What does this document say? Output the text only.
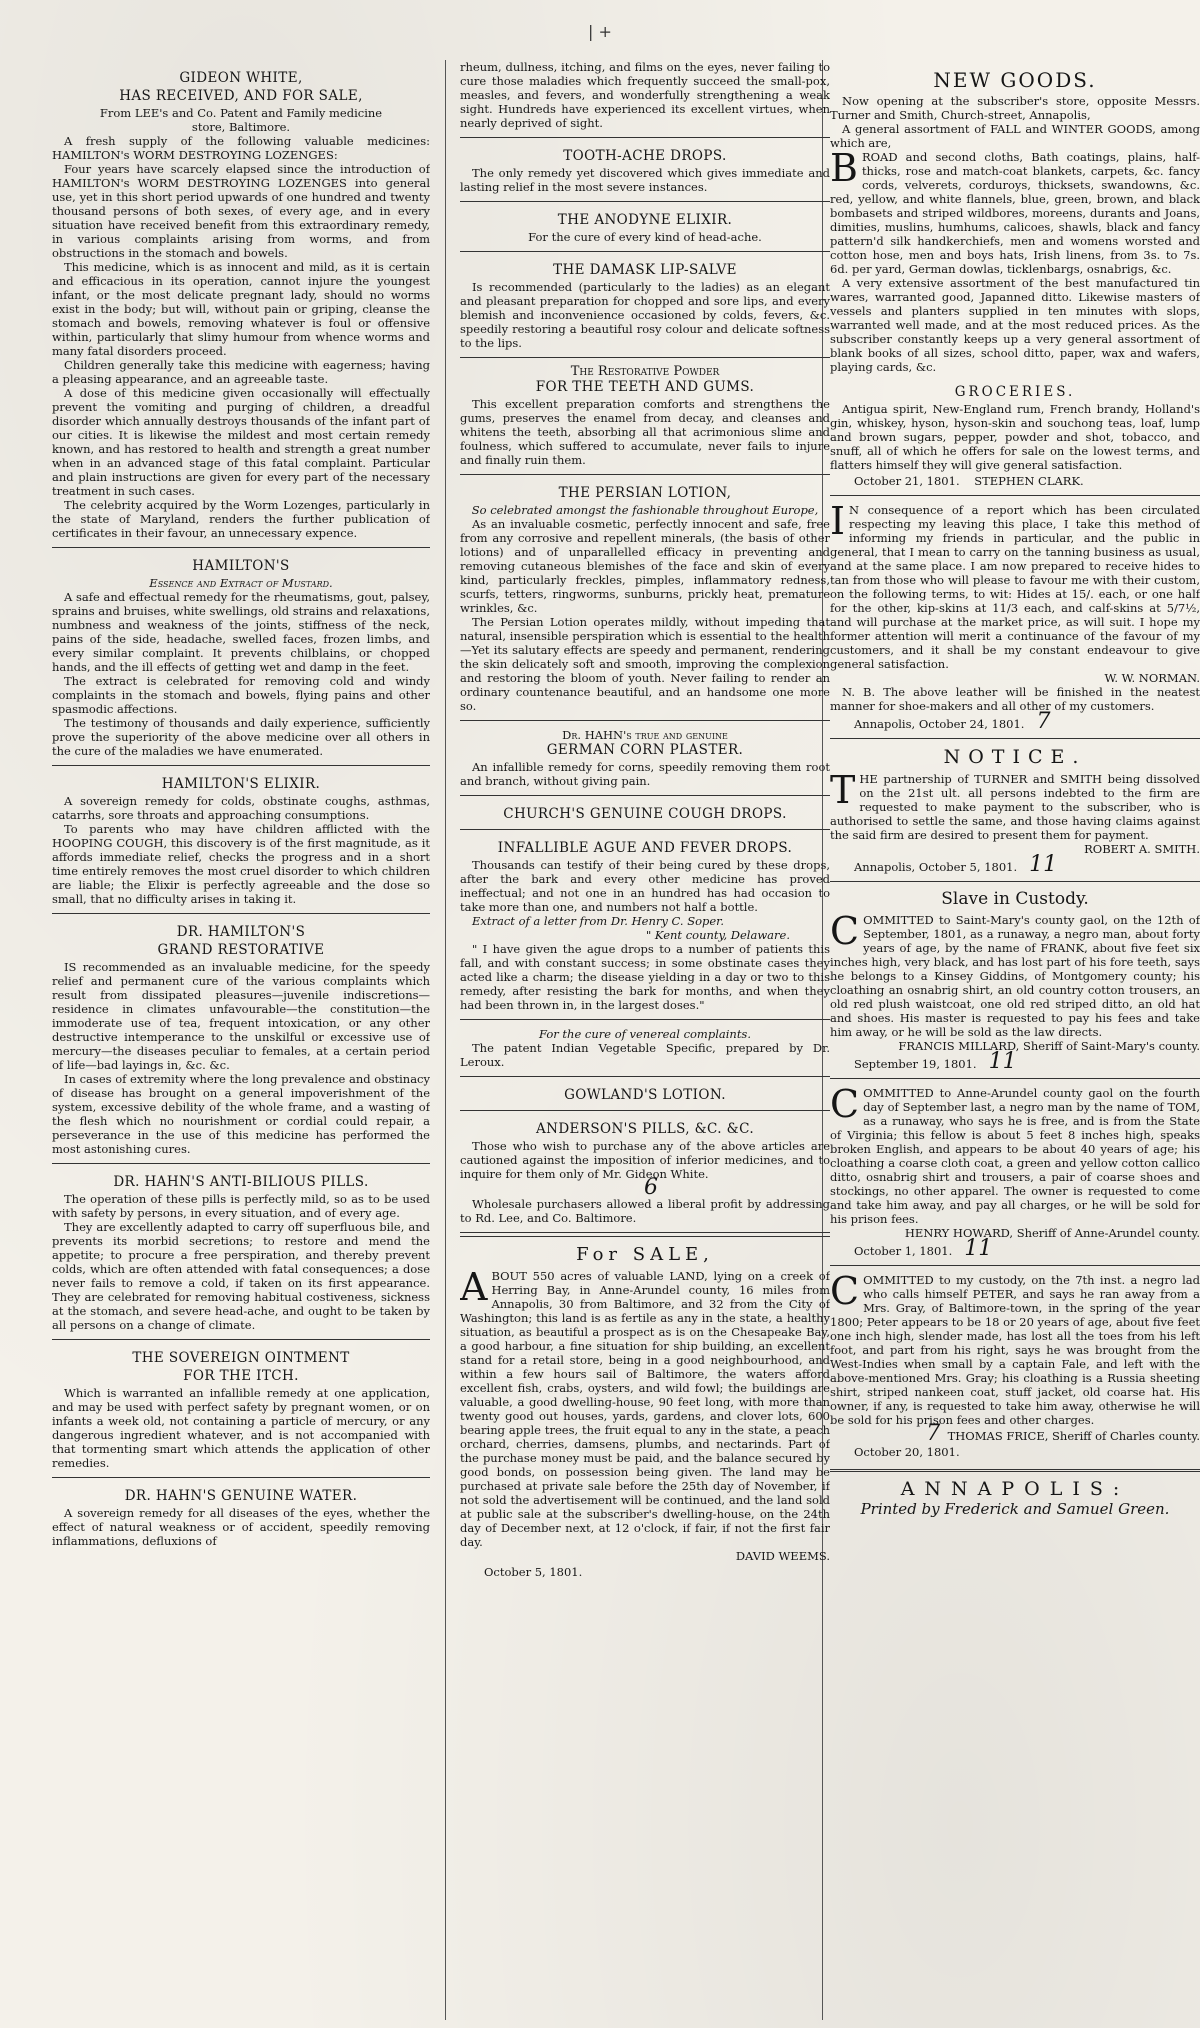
| +
GIDEON WHITE,
HAS RECEIVED, AND FOR SALE,
From LEE's and Co. Patent and Family medicine
store, Baltimore.

A fresh supply of the following valuable medicines: HAMILTON's WORM DESTROYING LOZENGES:

Four years have scarcely elapsed since the introduction of HAMILTON's WORM DESTROYING LOZENGES into general use, yet in this short period upwards of one hundred and twenty thousand persons of both sexes, of every age, and in every situation have received benefit from this extraordinary remedy, in various complaints arising from worms, and from obstructions in the stomach and bowels.

This medicine, which is as innocent and mild, as it is certain and efficacious in its operation, cannot injure the youngest infant, or the most delicate pregnant lady, should no worms exist in the body; but will, without pain or griping, cleanse the stomach and bowels, removing whatever is foul or offensive within, particularly that slimy humour from whence worms and many fatal disorders proceed.

Children generally take this medicine with eagerness; having a pleasing appearance, and an agreeable taste.

A dose of this medicine given occasionally will effectually prevent the vomiting and purging of children, a dreadful disorder which annually destroys thousands of the infant part of our cities. It is likewise the mildest and most certain remedy known, and has restored to health and strength a great number when in an advanced stage of this fatal complaint. Particular and plain instructions are given for every part of the necessary treatment in such cases.

The celebrity acquired by the Worm Lozenges, particularly in the state of Maryland, renders the further publication of certificates in their favour, an unnecessary expence.

HAMILTON'S
Essence and Extract of Mustard.

A safe and effectual remedy for the rheumatisms, gout, palsey, sprains and bruises, white swellings, old strains and relaxations, numbness and weakness of the joints, stiffness of the neck, pains of the side, headache, swelled faces, frozen limbs, and every similar complaint. It prevents chilblains, or chopped hands, and the ill effects of getting wet and damp in the feet.

The extract is celebrated for removing cold and windy complaints in the stomach and bowels, flying pains and other spasmodic affections.

The testimony of thousands and daily experience, sufficiently prove the superiority of the above medicine over all others in the cure of the maladies we have enumerated.

HAMILTON'S ELIXIR.

A sovereign remedy for colds, obstinate coughs, asthmas, catarrhs, sore throats and approaching consumptions.

To parents who may have children afflicted with the HOOPING COUGH, this discovery is of the first magnitude, as it affords immediate relief, checks the progress and in a short time entirely removes the most cruel disorder to which children are liable; the Elixir is perfectly agreeable and the dose so small, that no difficulty arises in taking it.

DR. HAMILTON'S
GRAND RESTORATIVE

IS recommended as an invaluable medicine, for the speedy relief and permanent cure of the various complaints which result from dissipated pleasures—juvenile indiscretions—residence in climates unfavourable—the constitution—the immoderate use of tea, frequent intoxication, or any other destructive intemperance to the unskilful or excessive use of mercury—the diseases peculiar to females, at a certain period of life—bad layings in, &c. &c.

In cases of extremity where the long prevalence and obstinacy of disease has brought on a general impoverishment of the system, excessive debility of the whole frame, and a wasting of the flesh which no nourishment or cordial could repair, a perseverance in the use of this medicine has performed the most astonishing cures.

DR. HAHN'S ANTI-BILIOUS PILLS.

The operation of these pills is perfectly mild, so as to be used with safety by persons, in every situation, and of every age.

They are excellently adapted to carry off superfluous bile, and prevents its morbid secretions; to restore and mend the appetite; to procure a free perspiration, and thereby prevent colds, which are often attended with fatal consequences; a dose never fails to remove a cold, if taken on its first appearance. They are celebrated for removing habitual costiveness, sickness at the stomach, and severe head-ache, and ought to be taken by all persons on a change of climate.

THE SOVEREIGN OINTMENT
FOR THE ITCH.

Which is warranted an infallible remedy at one application, and may be used with perfect safety by pregnant women, or on infants a week old, not containing a particle of mercury, or any dangerous ingredient whatever, and is not accompanied with that tormenting smart which attends the application of other remedies.

DR. HAHN'S GENUINE WATER.

A sovereign remedy for all diseases of the eyes, whether the effect of natural weakness or of accident, speedily removing inflammations, defluxions of

rheum, dullness, itching, and films on the eyes, never failing to cure those maladies which frequently succeed the small-pox, measles, and fevers, and wonderfully strengthening a weak sight. Hundreds have experienced its excellent virtues, when nearly deprived of sight.

TOOTH-ACHE DROPS.

The only remedy yet discovered which gives immediate and lasting relief in the most severe instances.

THE ANODYNE ELIXIR.
For the cure of every kind of head-ache.
THE DAMASK LIP-SALVE

Is recommended (particularly to the ladies) as an elegant and pleasant preparation for chopped and sore lips, and every blemish and inconvenience occasioned by colds, fevers, &c. speedily restoring a beautiful rosy colour and delicate softness to the lips.

The Restorative Powder
FOR THE TEETH AND GUMS.

This excellent preparation comforts and strengthens the gums, preserves the enamel from decay, and cleanses and whitens the teeth, absorbing all that acrimonious slime and foulness, which suffered to accumulate, never fails to injure and finally ruin them.

THE PERSIAN LOTION,
So celebrated amongst the fashionable throughout Europe,

As an invaluable cosmetic, perfectly innocent and safe, free from any corrosive and repellent minerals, (the basis of other lotions) and of unparallelled efficacy in preventing and removing cutaneous blemishes of the face and skin of every kind, particularly freckles, pimples, inflammatory redness, scurfs, tetters, ringworms, sunburns, prickly heat, premature wrinkles, &c.

The Persian Lotion operates mildly, without impeding that natural, insensible perspiration which is essential to the health—Yet its salutary effects are speedy and permanent, rendering the skin delicately soft and smooth, improving the complexion and restoring the bloom of youth. Never failing to render an ordinary countenance beautiful, and an handsome one more so.

Dr. HAHN's true and genuine
GERMAN CORN PLASTER.

An infallible remedy for corns, speedily removing them root and branch, without giving pain.

CHURCH'S GENUINE COUGH DROPS.
INFALLIBLE AGUE AND FEVER DROPS.

Thousands can testify of their being cured by these drops, after the bark and every other medicine has proved ineffectual; and not one in an hundred has had occasion to take more than one, and numbers not half a bottle.

Extract of a letter from Dr. Henry C. Soper.

" Kent county, Delaware.

" I have given the ague drops to a number of patients this fall, and with constant success; in some obstinate cases they acted like a charm; the disease yielding in a day or two to this remedy, after resisting the bark for months, and when they had been thrown in, in the largest doses."

For the cure of venereal complaints.

The patent Indian Vegetable Specific, prepared by Dr. Leroux.

GOWLAND'S LOTION.
ANDERSON'S PILLS, &C. &C.

Those who wish to purchase any of the above articles are cautioned against the imposition of inferior medicines, and to inquire for them only of Mr. Gideon White.

6

Wholesale purchasers allowed a liberal profit by addressing to Rd. Lee, and Co. Baltimore.

For SALE,

ABOUT 550 acres of valuable LAND, lying on a creek of Herring Bay, in Anne-Arundel county, 16 miles from Annapolis, 30 from Baltimore, and 32 from the City of Washington; this land is as fertile as any in the state, a healthy situation, as beautiful a prospect as is on the Chesapeake Bay, a good harbour, a fine situation for ship building, an excellent stand for a retail store, being in a good neighbourhood, and within a few hours sail of Baltimore, the waters afford excellent fish, crabs, oysters, and wild fowl; the buildings are valuable, a good dwelling-house, 90 feet long, with more than twenty good out houses, yards, gardens, and clover lots, 600 bearing apple trees, the fruit equal to any in the state, a peach orchard, cherries, damsens, plumbs, and nectarinds. Part of the purchase money must be paid, and the balance secured by good bonds, on possession being given. The land may be purchased at private sale before the 25th day of November, if not sold the advertisement will be continued, and the land sold at public sale at the subscriber's dwelling-house, on the 24th day of December next, at 12 o'clock, if fair, if not the first fair day.

DAVID WEEMS.
October 5, 1801.
NEW GOODS.

Now opening at the subscriber's store, opposite Messrs. Turner and Smith, Church-street, Annapolis,

A general assortment of FALL and WINTER GOODS, among which are,

BROAD and second cloths, Bath coatings, plains, half-thicks, rose and match-coat blankets, carpets, &c. fancy cords, velverets, corduroys, thicksets, swandowns, &c. red, yellow, and white flannels, blue, green, brown, and black bombasets and striped wildbores, moreens, durants and Joans, dimities, muslins, humhums, calicoes, shawls, black and fancy pattern'd silk handkerchiefs, men and womens worsted and cotton hose, men and boys hats, Irish linens, from 3s. to 7s. 6d. per yard, German dowlas, ticklenbargs, osnabrigs, &c.

A very extensive assortment of the best manufactured tin wares, warranted good, Japanned ditto. Likewise masters of vessels and planters supplied in ten minutes with slops, warranted well made, and at the most reduced prices. As the subscriber constantly keeps up a very general assortment of blank books of all sizes, school ditto, paper, wax and wafers, playing cards, &c.

GROCERIES.

Antigua spirit, New-England rum, French brandy, Holland's gin, whiskey, hyson, hyson-skin and souchong teas, loaf, lump and brown sugars, pepper, powder and shot, tobacco, and snuff, all of which he offers for sale on the lowest terms, and flatters himself they will give general satisfaction.

October 21, 1801. STEPHEN CLARK.

I N consequence of a report which has been circulated respecting my leaving this place, I take this method of informing my friends in particular, and the public in general, that I mean to carry on the tanning business as usual, and at the same place. I am now prepared to receive hides to tan from those who will please to favour me with their custom, on the following terms, to wit: Hides at 15/. each, or one half for the other, kip-skins at 11/3 each, and calf-skins at 5/7½, and will purchase at the market price, as will suit. I hope my former attention will merit a continuance of the favour of my customers, and it shall be my constant endeavour to give general satisfaction.

W. W. NORMAN.

N. B. The above leather will be finished in the neatest manner for shoe-makers and all other of my customers.

Annapolis, October 24, 1801. 7
NOTICE.

THE partnership of TURNER and SMITH being dissolved on the 21st ult. all persons indebted to the firm are requested to make payment to the subscriber, who is authorised to settle the same, and those having claims against the said firm are desired to present them for payment.

ROBERT A. SMITH.
Annapolis, October 5, 1801. 11
Slave in Custody.

COMMITTED to Saint-Mary's county gaol, on the 12th of September, 1801, as a runaway, a negro man, about forty years of age, by the name of FRANK, about five feet six inches high, very black, and has lost part of his fore teeth, says he belongs to a Kinsey Giddins, of Montgomery county; his cloathing an osnabrig shirt, an old country cotton trousers, an old red plush waistcoat, one old red striped ditto, an old hat and shoes. His master is requested to pay his fees and take him away, or he will be sold as the law directs.

FRANCIS MILLARD, Sheriff of Saint-Mary's county.
September 19, 1801. 11

COMMITTED to Anne-Arundel county gaol on the fourth day of September last, a negro man by the name of TOM, as a runaway, who says he is free, and is from the State of Virginia; this fellow is about 5 feet 8 inches high, speaks broken English, and appears to be about 40 years of age; his cloathing a coarse cloth coat, a green and yellow cotton callico ditto, osnabrig shirt and trousers, a pair of coarse shoes and stockings, no other apparel. The owner is requested to come and take him away, and pay all charges, or he will be sold for his prison fees.

HENRY HOWARD, Sheriff of Anne-Arundel county.
October 1, 1801. 11

COMMITTED to my custody, on the 7th inst. a negro lad who calls himself PETER, and says he ran away from a Mrs. Gray, of Baltimore-town, in the spring of the year 1800; Peter appears to be 18 or 20 years of age, about five feet one inch high, slender made, has lost all the toes from his left foot, and part from his right, says he was brought from the West-Indies when small by a captain Fale, and left with the above-mentioned Mrs. Gray; his cloathing is a Russia sheeting shirt, striped nankeen coat, stuff jacket, old coarse hat. His owner, if any, is requested to take him away, otherwise he will be sold for his prison fees and other charges.

7 THOMAS FRICE, Sheriff of Charles county.
October 20, 1801.
ANNAPOLIS:
Printed by Frederick and Samuel Green.
